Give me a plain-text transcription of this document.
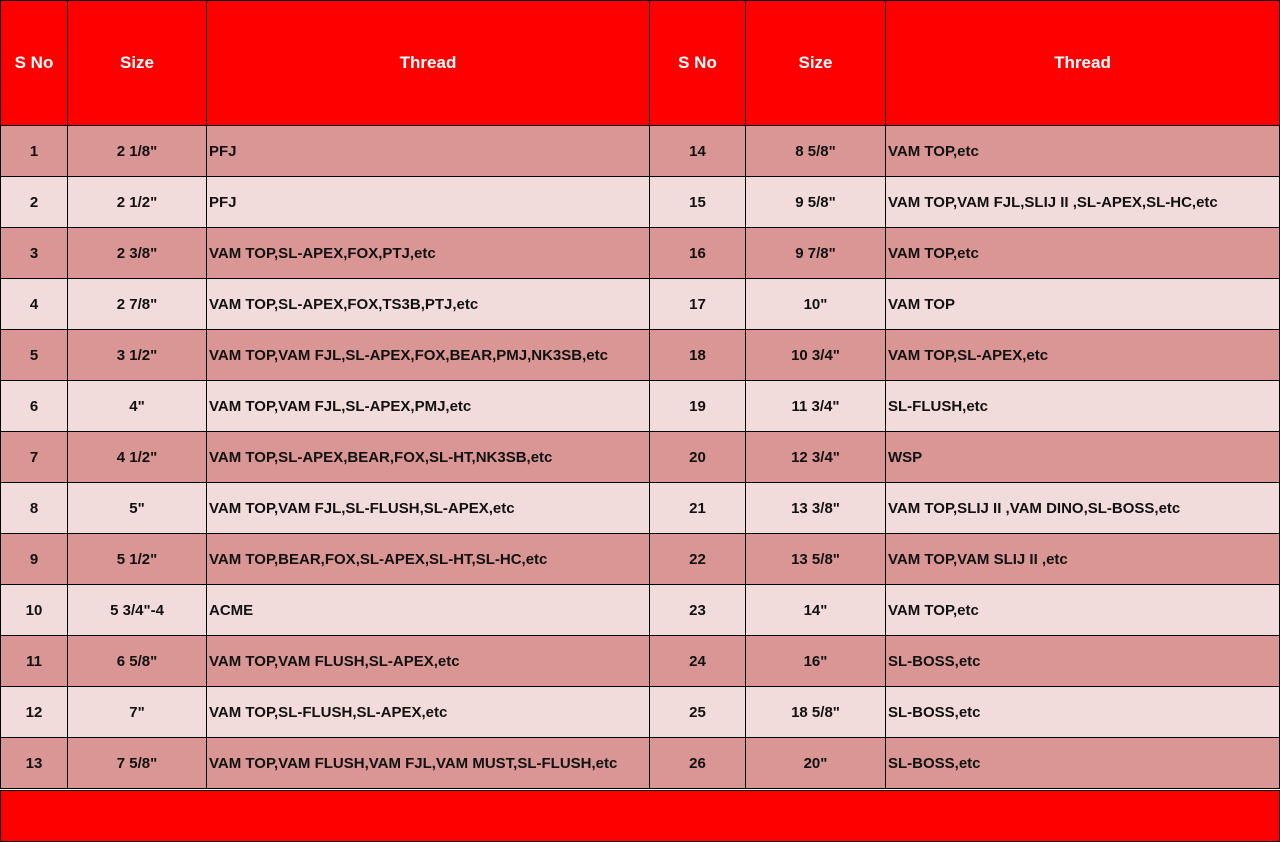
S No	Size	Thread	S No	Size	Thread
1	2 1/8"	PFJ	14	8 5/8"	VAM TOP,etc
2	2 1/2"	PFJ	15	9 5/8"	VAM TOP,VAM FJL,SLIJ II ,SL-APEX,SL-HC,etc
3	2 3/8"	VAM TOP,SL-APEX,FOX,PTJ,etc	16	9 7/8"	VAM TOP,etc
4	2 7/8"	VAM TOP,SL-APEX,FOX,TS3B,PTJ,etc	17	10"	VAM TOP
5	3 1/2"	VAM TOP,VAM FJL,SL-APEX,FOX,BEAR,PMJ,NK3SB,etc	18	10 3/4"	VAM TOP,SL-APEX,etc
6	4"	VAM TOP,VAM FJL,SL-APEX,PMJ,etc	19	11 3/4"	SL-FLUSH,etc
7	4 1/2"	VAM TOP,SL-APEX,BEAR,FOX,SL-HT,NK3SB,etc	20	12 3/4"	WSP
8	5"	VAM TOP,VAM FJL,SL-FLUSH,SL-APEX,etc	21	13 3/8"	VAM TOP,SLIJ II ,VAM DINO,SL-BOSS,etc
9	5 1/2"	VAM TOP,BEAR,FOX,SL-APEX,SL-HT,SL-HC,etc	22	13 5/8"	VAM TOP,VAM SLIJ II ,etc
10	5 3/4"-4	ACME	23	14"	VAM TOP,etc
11	6 5/8"	VAM TOP,VAM FLUSH,SL-APEX,etc	24	16"	SL-BOSS,etc
12	7"	VAM TOP,SL-FLUSH,SL-APEX,etc	25	18 5/8"	SL-BOSS,etc
13	7 5/8"	VAM TOP,VAM FLUSH,VAM FJL,VAM MUST,SL-FLUSH,etc	26	20"	SL-BOSS,etc
